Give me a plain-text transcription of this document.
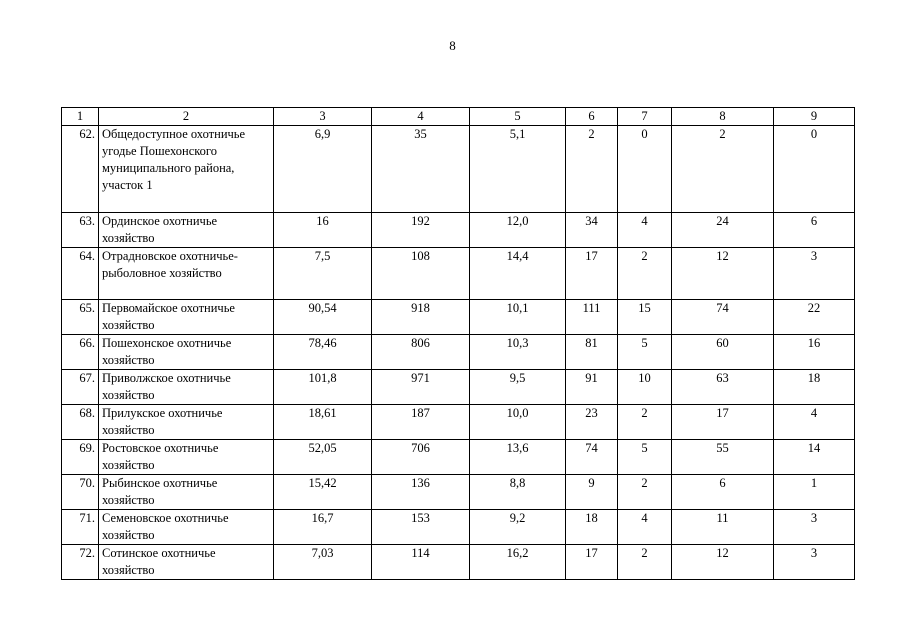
8
1	2	3	4	5	6	7	8	9
62.	Общедоступное охотничье угодье Пошехонского муниципального района, участок 1	6,9	35	5,1	2	0	2	0
63.	Ординское охотничье хозяйство	16	192	12,0	34	4	24	6
64.	Отрадновское охотничье-рыболовное хозяйство	7,5	108	14,4	17	2	12	3
65.	Первомайское охотничье хозяйство	90,54	918	10,1	111	15	74	22
66.	Пошехонское охотничье хозяйство	78,46	806	10,3	81	5	60	16
67.	Приволжское охотничье хозяйство	101,8	971	9,5	91	10	63	18
68.	Прилукское охотничье хозяйство	18,61	187	10,0	23	2	17	4
69.	Ростовское охотничье хозяйство	52,05	706	13,6	74	5	55	14
70.	Рыбинское охотничье хозяйство	15,42	136	8,8	9	2	6	1
71.	Семеновское охотничье хозяйство	16,7	153	9,2	18	4	11	3
72.	Сотинское охотничье хозяйство	7,03	114	16,2	17	2	12	3
